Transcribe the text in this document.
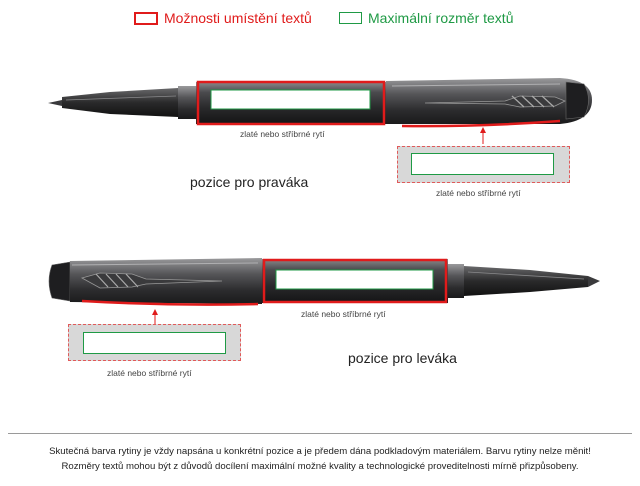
Možnosti umístění textů	Maximální rozměr textů
zlaté nebo stříbrné rytí
zlaté nebo stříbrné rytí
pozice pro praváka
zlaté nebo stříbrné rytí
zlaté nebo stříbrné rytí
pozice pro leváka
Skutečná barva rytiny je vždy napsána u konkrétní pozice a je předem dána podkladovým materiálem. Barvu rytiny nelze měnit!
Rozměry textů mohou být z důvodů docílení maximální možné kvality a technologické proveditelnosti mírně přizpůsobeny.
